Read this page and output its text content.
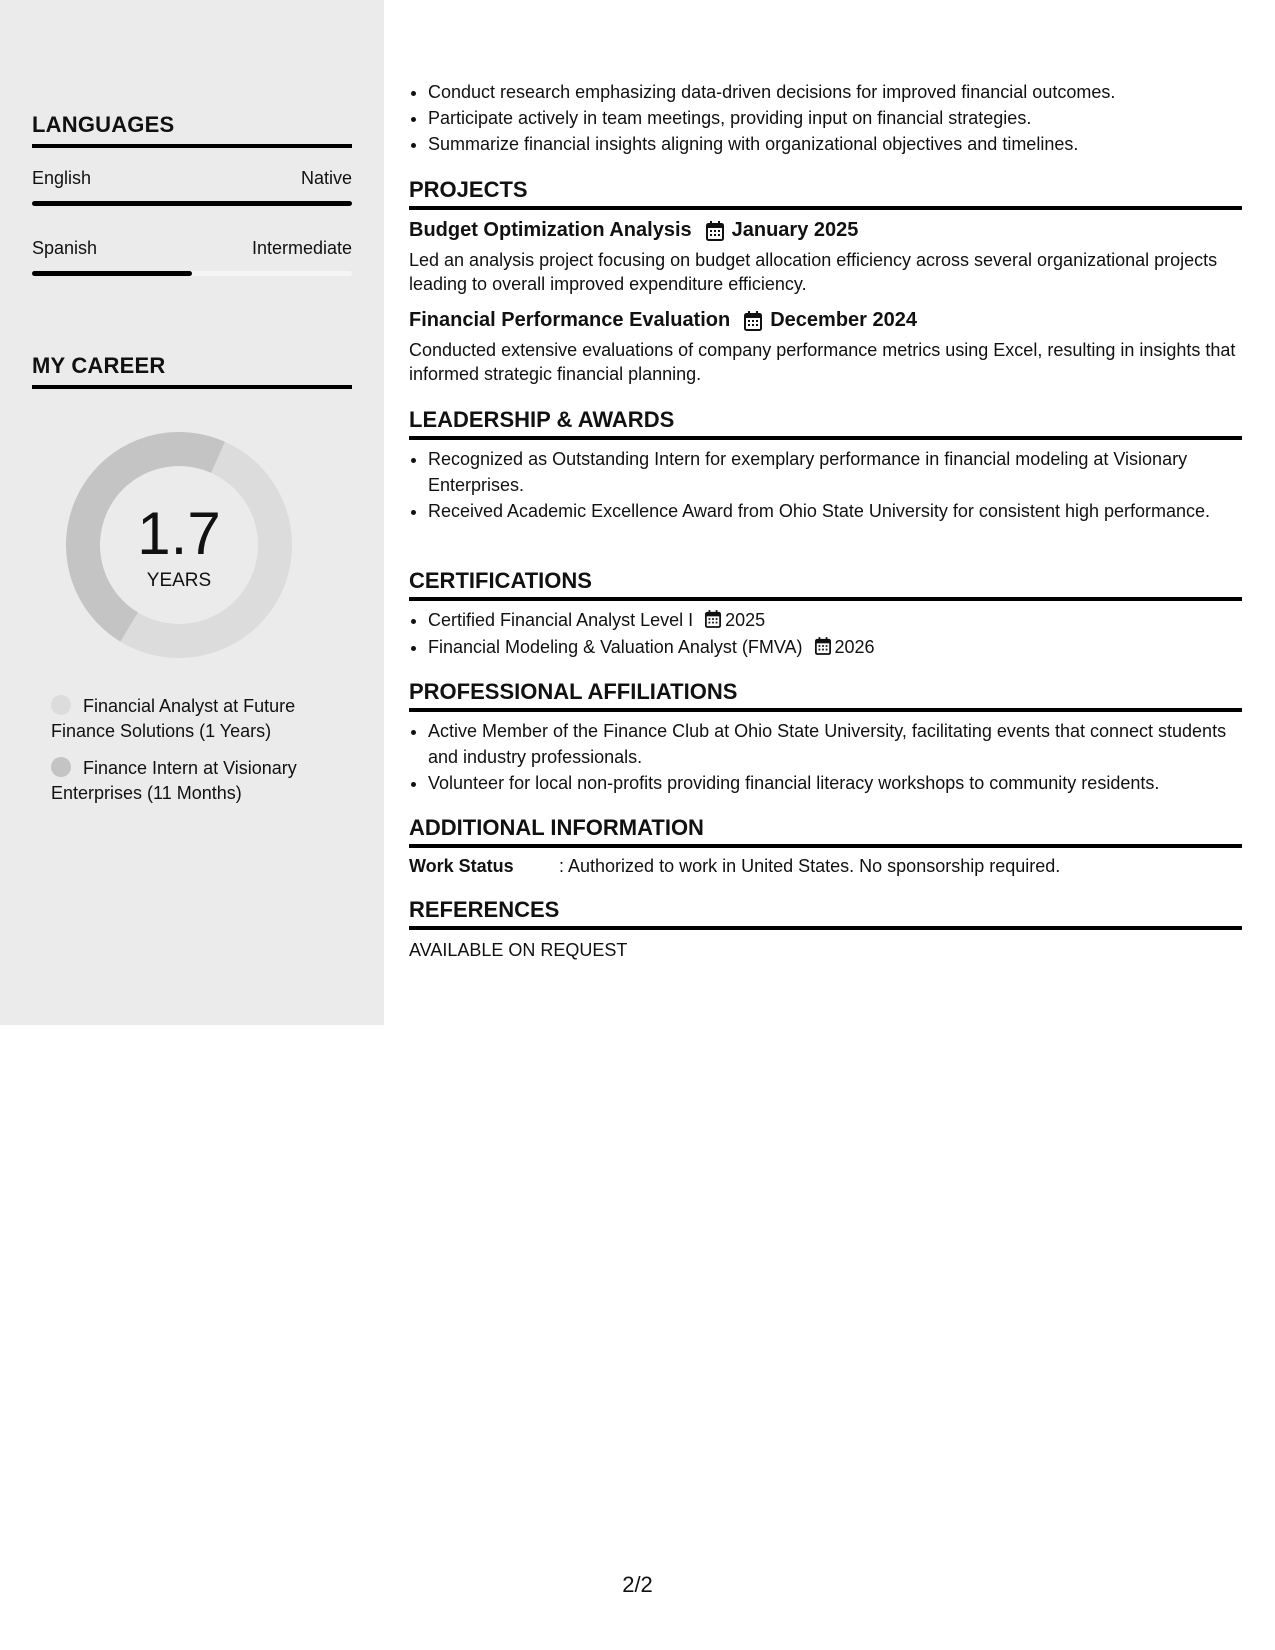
LANGUAGES
English	Native
Spanish	Intermediate
MY CAREER
1.7
YEARS
Financial Analyst at Future Finance Solutions (1 Years)
Finance Intern at Visionary Enterprises (11 Months)
• Conduct research emphasizing data-driven decisions for improved financial outcomes.
• Participate actively in team meetings, providing input on financial strategies.
• Summarize financial insights aligning with organizational objectives and timelines.
PROJECTS
Budget Optimization Analysis January 2025

Led an analysis project focusing on budget allocation efficiency across several organizational projects leading to overall improved expenditure efficiency.

Financial Performance Evaluation December 2024

Conducted extensive evaluations of company performance metrics using Excel, resulting in insights that informed strategic financial planning.

LEADERSHIP & AWARDS
• Recognized as Outstanding Intern for exemplary performance in financial modeling at Visionary Enterprises.
• Received Academic Excellence Award from Ohio State University for consistent high performance.
CERTIFICATIONS
• Certified Financial Analyst Level I 2025
• Financial Modeling & Valuation Analyst (FMVA) 2026
PROFESSIONAL AFFILIATIONS
• Active Member of the Finance Club at Ohio State University, facilitating events that connect students and industry professionals.
• Volunteer for local non-profits providing financial literacy workshops to community residents.
ADDITIONAL INFORMATION
Work Status	: Authorized to work in United States. No sponsorship required.
REFERENCES
AVAILABLE ON REQUEST
2/2
